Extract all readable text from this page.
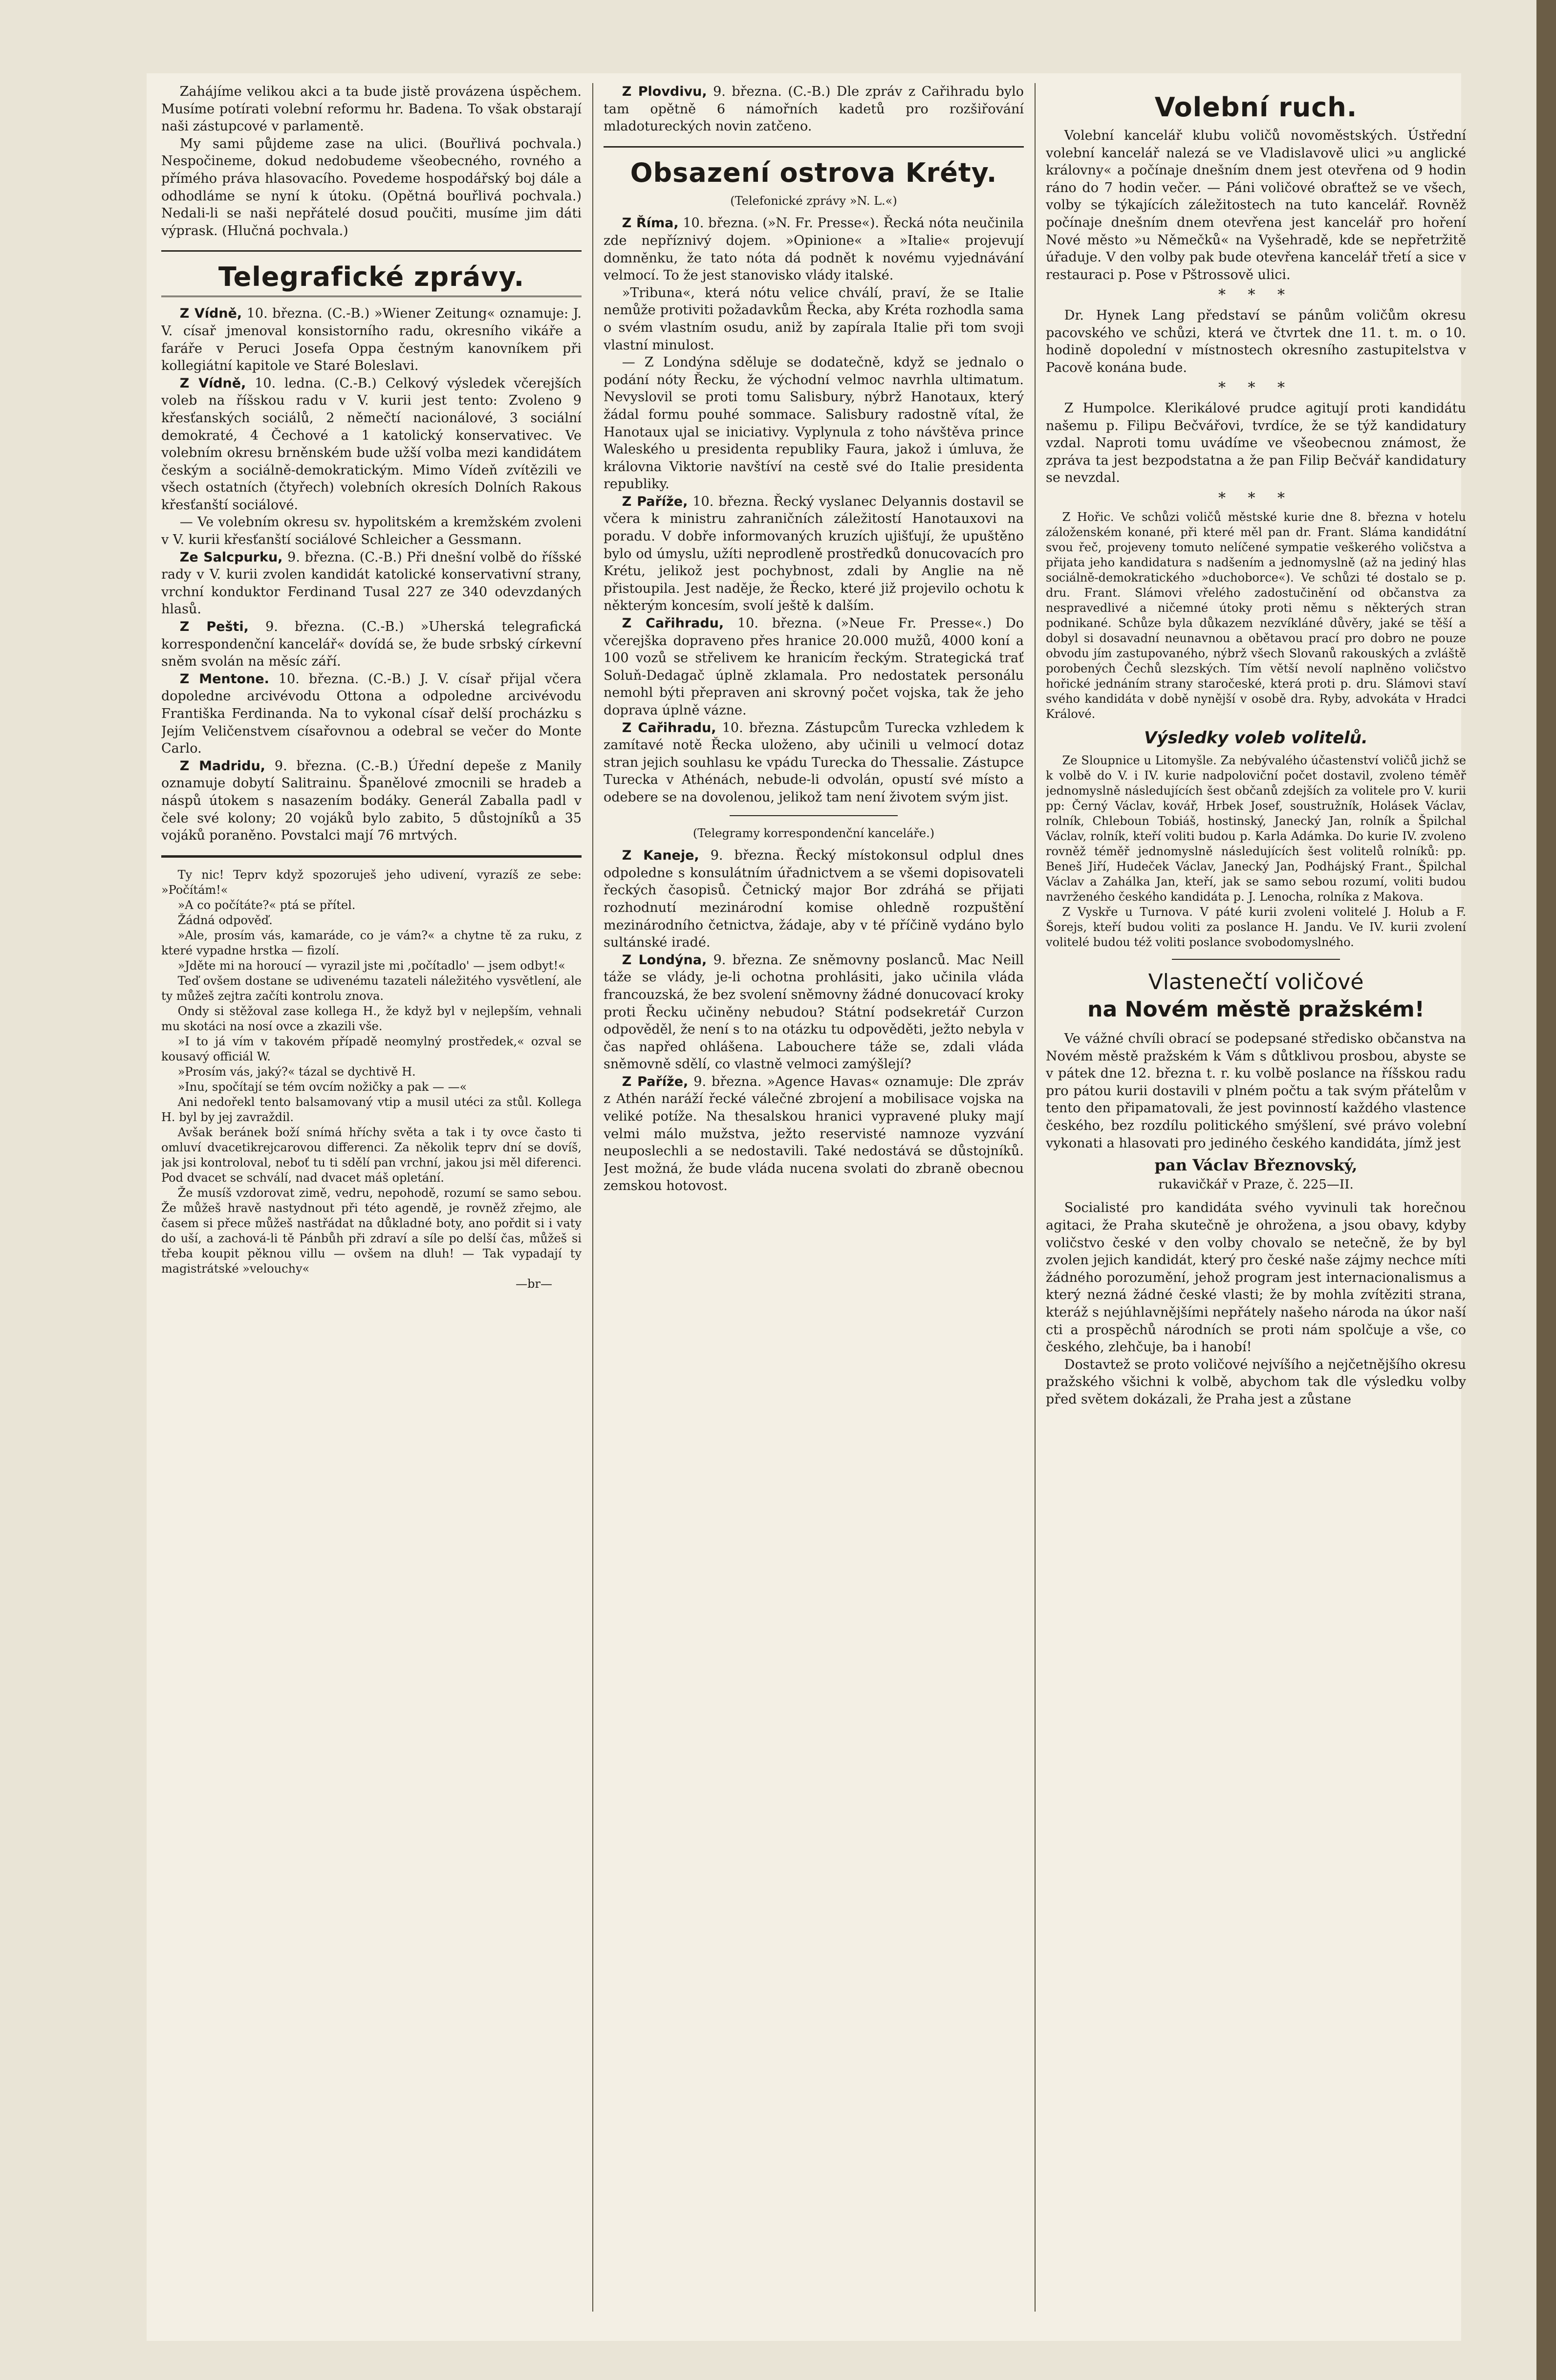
Zahájíme velikou akci a ta bude jistě provázena úspěchem. Musíme potírati volební reformu hr. Badena. To však obstarají naši zástupcové v parlamentě.

My sami půjdeme zase na ulici. (Bouřlivá pochvala.) Nespočineme, dokud nedobudeme všeobecného, rovného a přímého práva hlasovacího. Povedeme hospodářský boj dále a odhodláme se nyní k útoku. (Opětná bouřlivá pochvala.) Nedali-li se naši nepřátelé dosud poučiti, musíme jim dáti výprask. (Hlučná pochvala.)

Telegrafické zprávy.

Z Vídně, 10. března. (C.-B.) »Wiener Zeitung« oznamuje: J. V. císař jmenoval konsistorního radu, okresního vikáře a faráře v Peruci Josefa Oppa čestným kanovníkem při kollegiátní kapitole ve Staré Boleslavi.

Z Vídně, 10. ledna. (C.-B.) Celkový výsledek včerejších voleb na říšskou radu v V. kurii jest tento: Zvoleno 9 křesťanských sociálů, 2 němečtí nacionálové, 3 sociální demokraté, 4 Čechové a 1 katolický konservativec. Ve volebním okresu brněnském bude užší volba mezi kandidátem českým a sociálně-demokratickým. Mimo Vídeň zvítězili ve všech ostatních (čtyřech) volebních okresích Dolních Rakous křesťanští sociálové.

— Ve volebním okresu sv. hypolitském a kremžském zvoleni v V. kurii křesťanští sociálové Schleicher a Gessmann.

Ze Salcpurku, 9. března. (C.-B.) Při dnešní volbě do říšské rady v V. kurii zvolen kandidát katolické konservativní strany, vrchní konduktor Ferdinand Tusal 227 ze 340 odevzdaných hlasů.

Z Pešti, 9. března. (C.-B.) »Uherská telegrafická korrespondenční kancelář« dovídá se, že bude srbský církevní sněm svolán na měsíc září.

Z Mentone. 10. března. (C.-B.) J. V. císař přijal včera dopoledne arcivévodu Ottona a odpoledne arcivévodu Františka Ferdinanda. Na to vykonal císař delší procházku s Jejím Veličenstvem císařovnou a odebral se večer do Monte Carlo.

Z Madridu, 9. března. (C.-B.) Úřední depeše z Manily oznamuje dobytí Salitrainu. Španělové zmocnili se hradeb a náspů útokem s nasazením bodáky. Generál Zaballa padl v čele své kolony; 20 vojáků bylo zabito, 5 důstojníků a 35 vojáků poraněno. Povstalci mají 76 mrtvých.

Ty nic! Teprv když spozoruješ jeho udivení, vyrazíš ze sebe: »Počítám!«

»A co počítáte?« ptá se přítel.

Žádná odpověď.

»Ale, prosím vás, kamaráde, co je vám?« a chytne tě za ruku, z které vypadne hrstka — fizolí.

»Jděte mi na horoucí — vyrazil jste mi ,počítadlo' — jsem odbyt!«

Teď ovšem dostane se udivenému tazateli náležitého vysvětlení, ale ty můžeš zejtra začíti kontrolu znova.

Ondy si stěžoval zase kollega H., že když byl v nejlepším, vehnali mu skotáci na nosí ovce a zkazili vše.

»I to já vím v takovém případě neomylný prostředek,« ozval se kousavý officiál W.

»Prosím vás, jaký?« tázal se dychtivě H.

»Inu, spočítají se tém ovcím nožičky a pak — —«

Ani nedořekl tento balsamovaný vtip a musil utéci za stůl. Kollega H. byl by jej zavraždil.

Avšak beránek boží snímá hříchy světa a tak i ty ovce často ti omluví dvacetikrejcarovou differenci. Za několik teprv dní se dovíš, jak jsi kontroloval, neboť tu ti sdělí pan vrchní, jakou jsi měl diferenci. Pod dvacet se schválí, nad dvacet máš opletání.

Že musíš vzdorovat zimě, vedru, nepohodě, rozumí se samo sebou. Že můžeš hravě nastydnout při této agendě, je rovněž zřejmo, ale časem si přece můžeš nastřádat na důkladné boty, ano pořdit si i vaty do uší, a zachová-li tě Pánbůh při zdraví a síle po delší čas, můžeš si třeba koupit pěknou villu — ovšem na dluh! — Tak vypadají ty magistrátské »velouchy«

—br—

Z Plovdivu, 9. března. (C.-B.) Dle zpráv z Cařihradu bylo tam opětně 6 námořních kadetů pro rozšiřování mladotureckých novin zatčeno.

Obsazení ostrova Kréty.

(Telefonické zprávy »N. L.«)

Z Říma, 10. března. (»N. Fr. Presse«). Řecká nóta neučinila zde nepříznivý dojem. »Opinione« a »Italie« projevují domněnku, že tato nóta dá podnět k novému vyjednávání velmocí. To že jest stanovisko vlády italské.

»Tribuna«, která nótu velice chválí, praví, že se Italie nemůže protiviti požadavkům Řecka, aby Kréta rozhodla sama o svém vlastním osudu, aniž by zapírala Italie při tom svoji vlastní minulost.

— Z Londýna sděluje se dodatečně, když se jednalo o podání nóty Řecku, že východní velmoc navrhla ultimatum. Nevyslovil se proti tomu Salisbury, nýbrž Hanotaux, který žádal formu pouhé sommace. Salisbury radostně vítal, že Hanotaux ujal se iniciativy. Vyplynula z toho návštěva prince Waleského u presidenta republiky Faura, jakož i úmluva, že královna Viktorie navštíví na cestě své do Italie presidenta republiky.

Z Paříže, 10. března. Řecký vyslanec Delyannis dostavil se včera k ministru zahraničních záležitostí Hanotauxovi na poradu. V dobře informovaných kruzích ujišťují, že upuštěno bylo od úmyslu, užíti neprodleně prostředků donucovacích pro Krétu, jelikož jest pochybnost, zdali by Anglie na ně přistoupila. Jest naděje, že Řecko, které již projevilo ochotu k některým koncesím, svolí ještě k dalším.

Z Cařihradu, 10. března. (»Neue Fr. Presse«.) Do včerejška dopraveno přes hranice 20.000 mužů, 4000 koní a 100 vozů se střelivem ke hranicím řeckým. Strategická trať Soluň-Dedagač úplně zklamala. Pro nedostatek personálu nemohl býti přepraven ani skrovný počet vojska, tak že jeho doprava úplně vázne.

Z Cařihradu, 10. března. Zástupcům Turecka vzhledem k zamítavé notě Řecka uloženo, aby učinili u velmocí dotaz stran jejich souhlasu ke vpádu Turecka do Thessalie. Zástupce Turecka v Athénách, nebude-li odvolán, opustí své místo a odebere se na dovolenou, jelikož tam není životem svým jist.

(Telegramy korrespondenční kanceláře.)

Z Kaneje, 9. března. Řecký místokonsul odplul dnes odpoledne s konsulátním úřadnictvem a se všemi dopisovateli řeckých časopisů. Četnický major Bor zdráhá se přijati rozhodnutí mezinárodní komise ohledně rozpuštění mezinárodního četnictva, žádaje, aby v té příčině vydáno bylo sultánské iradé.

Z Londýna, 9. března. Ze sněmovny poslanců. Mac Neill táže se vlády, je-li ochotna prohlásiti, jako učinila vláda francouzská, že bez svolení sněmovny žádné donucovací kroky proti Řecku učiněny nebudou? Státní podsekretář Curzon odpověděl, že není s to na otázku tu odpověděti, ježto nebyla v čas napřed ohlášena. Labouchere táže se, zdali vláda sněmovně sdělí, co vlastně velmoci zamýšlejí?

Z Paříže, 9. března. »Agence Havas« oznamuje: Dle zpráv z Athén naráží řecké válečné zbrojení a mobilisace vojska na veliké potíže. Na thesalskou hranici vypravené pluky mají velmi málo mužstva, ježto reservisté namnoze vyzvání neuposlechli a se nedostavili. Také nedostává se důstojníků. Jest možná, že bude vláda nucena svolati do zbraně obecnou zemskou hotovost.

Volební ruch.

Volební kancelář klubu voličů novoměstských. Ústřední volební kancelář nalezá se ve Vladislavově ulici »u anglické královny« a počínaje dnešním dnem jest otevřena od 9 hodin ráno do 7 hodin večer. — Páni voličové obraťtež se ve všech, volby se týkajících záležitostech na tuto kancelář. Rovněž počínaje dnešním dnem otevřena jest kancelář pro hoření Nové město »u Němečků« na Vyšehradě, kde se nepřetržitě úřaduje. V den volby pak bude otevřena kancelář třetí a sice v restauraci p. Pose v Pštrossově ulici.

* * *

Dr. Hynek Lang představí se pánům voličům okresu pacovského ve schůzi, která ve čtvrtek dne 11. t. m. o 10. hodině dopolední v místnostech okresního zastupitelstva v Pacově konána bude.

* * *

Z Humpolce. Klerikálové prudce agitují proti kandidátu našemu p. Filipu Bečvářovi, tvrdíce, že se týž kandidatury vzdal. Naproti tomu uvádíme ve všeobecnou známost, že zpráva ta jest bezpodstatna a že pan Filip Bečvář kandidatury se nevzdal.

* * *

Z Hořic. Ve schůzi voličů městské kurie dne 8. března v hotelu záloženském konané, při které měl pan dr. Frant. Sláma kandidátní svou řeč, projeveny tomuto nelíčené sympatie veškerého voličstva a přijata jeho kandidatura s nadšením a jednomyslně (až na jediný hlas sociálně-demokratického »duchoborce«). Ve schůzi té dostalo se p. dru. Frant. Slámovi vřelého zadostučinění od občanstva za nespravedlivé a ničemné útoky proti němu s některých stran podnikané. Schůze byla důkazem nezvíkláné důvěry, jaké se těší a dobyl si dosavadní neunavnou a obětavou prací pro dobro ne pouze obvodu jím zastupovaného, nýbrž všech Slovanů rakouských a zvláště porobených Čechů slezských. Tím větší nevolí naplněno voličstvo hořické jednáním strany staročeské, která proti p. dru. Slámovi staví svého kandidáta v době nynější v osobě dra. Ryby, advokáta v Hradci Králové.

Výsledky voleb volitelů.

Ze Sloupnice u Litomyšle. Za nebývalého účastenství voličů jichž se k volbě do V. i IV. kurie nadpoloviční počet dostavil, zvoleno téměř jednomyslně následujících šest občanů zdejších za volitele pro V. kurii pp: Černý Václav, kovář, Hrbek Josef, soustružník, Holásek Václav, rolník, Chleboun Tobiáš, hostinský, Janecký Jan, rolník a Špilchal Václav, rolník, kteří voliti budou p. Karla Adámka. Do kurie IV. zvoleno rovněž téměř jednomyslně následujících šest volitelů rolníků: pp. Beneš Jiří, Hudeček Václav, Janecký Jan, Podhájský Frant., Špilchal Václav a Zahálka Jan, kteří, jak se samo sebou rozumí, voliti budou navrženého českého kandidáta p. J. Lenocha, rolníka z Makova.

Z Vyskře u Turnova. V páté kurii zvoleni volitelé J. Holub a F. Šorejs, kteří budou voliti za poslance H. Jandu. Ve IV. kurii zvolení volitelé budou též voliti poslance svobodomyslného.

Vlastenečtí voličové
na Novém městě pražském!

Ve vážné chvíli obrací se podepsané středisko občanstva na Novém městě pražském k Vám s důtklivou prosbou, abyste se v pátek dne 12. března t. r. ku volbě poslance na říšskou radu pro pátou kurii dostavili v plném počtu a tak svým přátelům v tento den připamatovali, že jest povinností každého vlastence českého, bez rozdílu politického smýšlení, své právo volební vykonati a hlasovati pro jediného českého kandidáta, jímž jest

pan Václav Březnovský,

rukavičkář v Praze, č. 225—II.

Socialisté pro kandidáta svého vyvinuli tak horečnou agitaci, že Praha skutečně je ohrožena, a jsou obavy, kdyby voličstvo české v den volby chovalo se netečně, že by byl zvolen jejich kandidát, který pro české naše zájmy nechce míti žádného porozumění, jehož program jest internacionalismus a který nezná žádné české vlasti; že by mohla zvítěziti strana, kteráž s nejúhlavnějšími nepřátely našeho národa na úkor naší cti a prospěchů národních se proti nám spolčuje a vše, co českého, zlehčuje, ba i hanobí!

Dostavtež se proto voličové nejvíšího a nejčetnějšího okresu pražského všichni k volbě, abychom tak dle výsledku volby před světem dokázali, že Praha jest a zůstane
